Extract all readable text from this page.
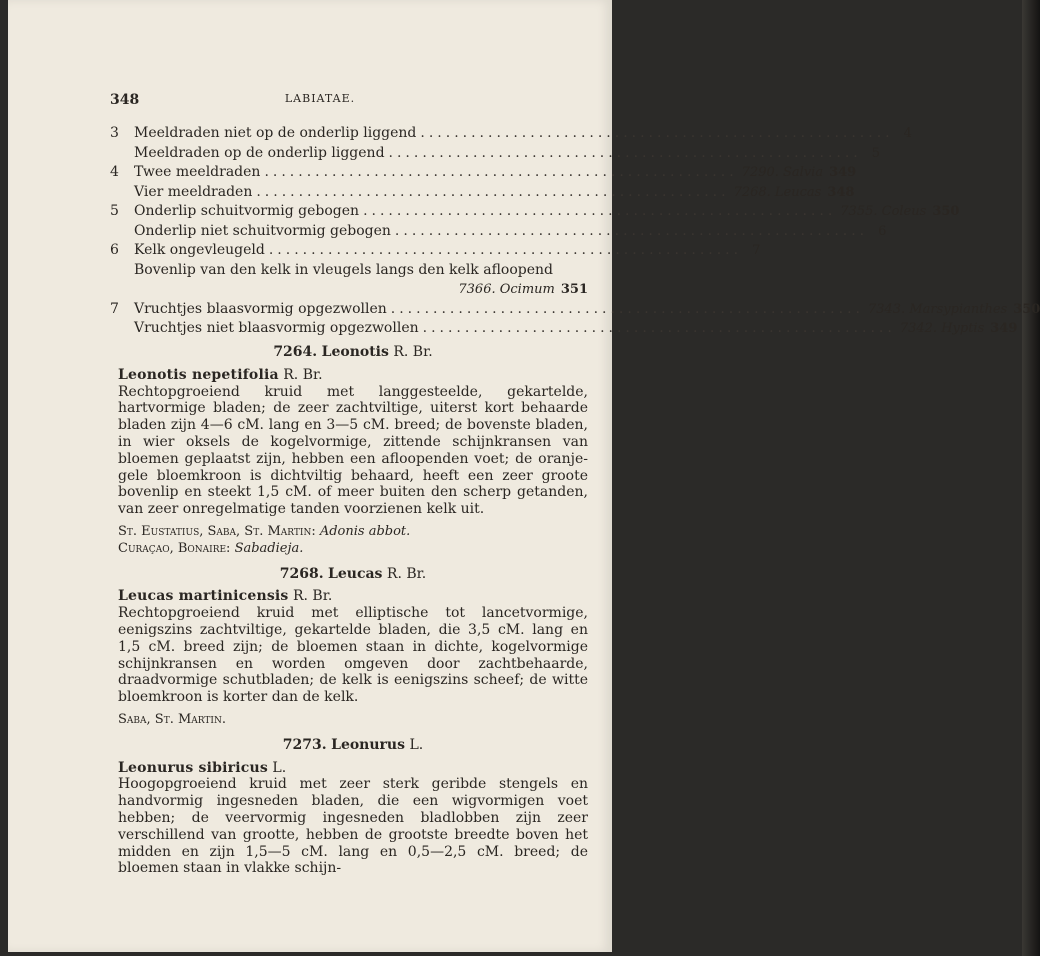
348	LABIATAE.
3	Meeldraden niet op de onderlip liggend ........................................................ 4
Meeldraden op de onderlip liggend ........................................................ 5
4	Twee meeldraden ........................................................ 7290. Salvia 349
Vier meeldraden ........................................................ 7268. Leucas 348
5	Onderlip schuitvormig gebogen ........................................................ 7355. Coleus 350
Onderlip niet schuitvormig gebogen ........................................................ 6
6	Kelk ongevleugeld ........................................................ 7
Bovenlip van den kelk in vleugels langs den kelk afloopend
7366. Ocimum 351
7	Vruchtjes blaasvormig opgezwollen ........................................................ 7343. Marsypianthes 350
Vruchtjes niet blaasvormig opgezwollen ........................................................ 7342. Hyptis 349
7264. Leonotis R. Br.
Leonotis nepetifolia R. Br.
Rechtopgroeiend kruid met langgesteelde, gekartelde, hartvormige bladen; de zeer zachtviltige, uiterst kort behaarde bladen zijn 4—6 cM. lang en 3—5 cM. breed; de bovenste bladen, in wier oksels de kogelvormige, zittende schijnkransen van bloemen geplaatst zijn, hebben een afloopenden voet; de oranje-gele bloemkroon is dichtviltig behaard, heeft een zeer groote bovenlip en steekt 1,5 cM. of meer buiten den scherp getanden, van zeer onregelmatige tanden voorzienen kelk uit.
St. Eustatius, Saba, St. Martin: Adonis abbot.
Curaçao, Bonaire: Sabadieja.
7268. Leucas R. Br.
Leucas martinicensis R. Br.
Rechtopgroeiend kruid met elliptische tot lancetvormige, eenigszins zachtviltige, gekartelde bladen, die 3,5 cM. lang en 1,5 cM. breed zijn; de bloemen staan in dichte, kogelvormige schijnkransen en worden omgeven door zachtbehaarde, draadvormige schutbladen; de kelk is eenigszins scheef; de witte bloemkroon is korter dan de kelk.
Saba, St. Martin.
7273. Leonurus L.
Leonurus sibiricus L.
Hoogopgroeiend kruid met zeer sterk geribde stengels en handvormig ingesneden bladen, die een wigvormigen voet hebben; de veervormig ingesneden bladlobben zijn zeer verschillend van grootte, hebben de grootste breedte boven het midden en zijn 1,5—5 cM. lang en 0,5—2,5 cM. breed; de bloemen staan in vlakke schijn-
